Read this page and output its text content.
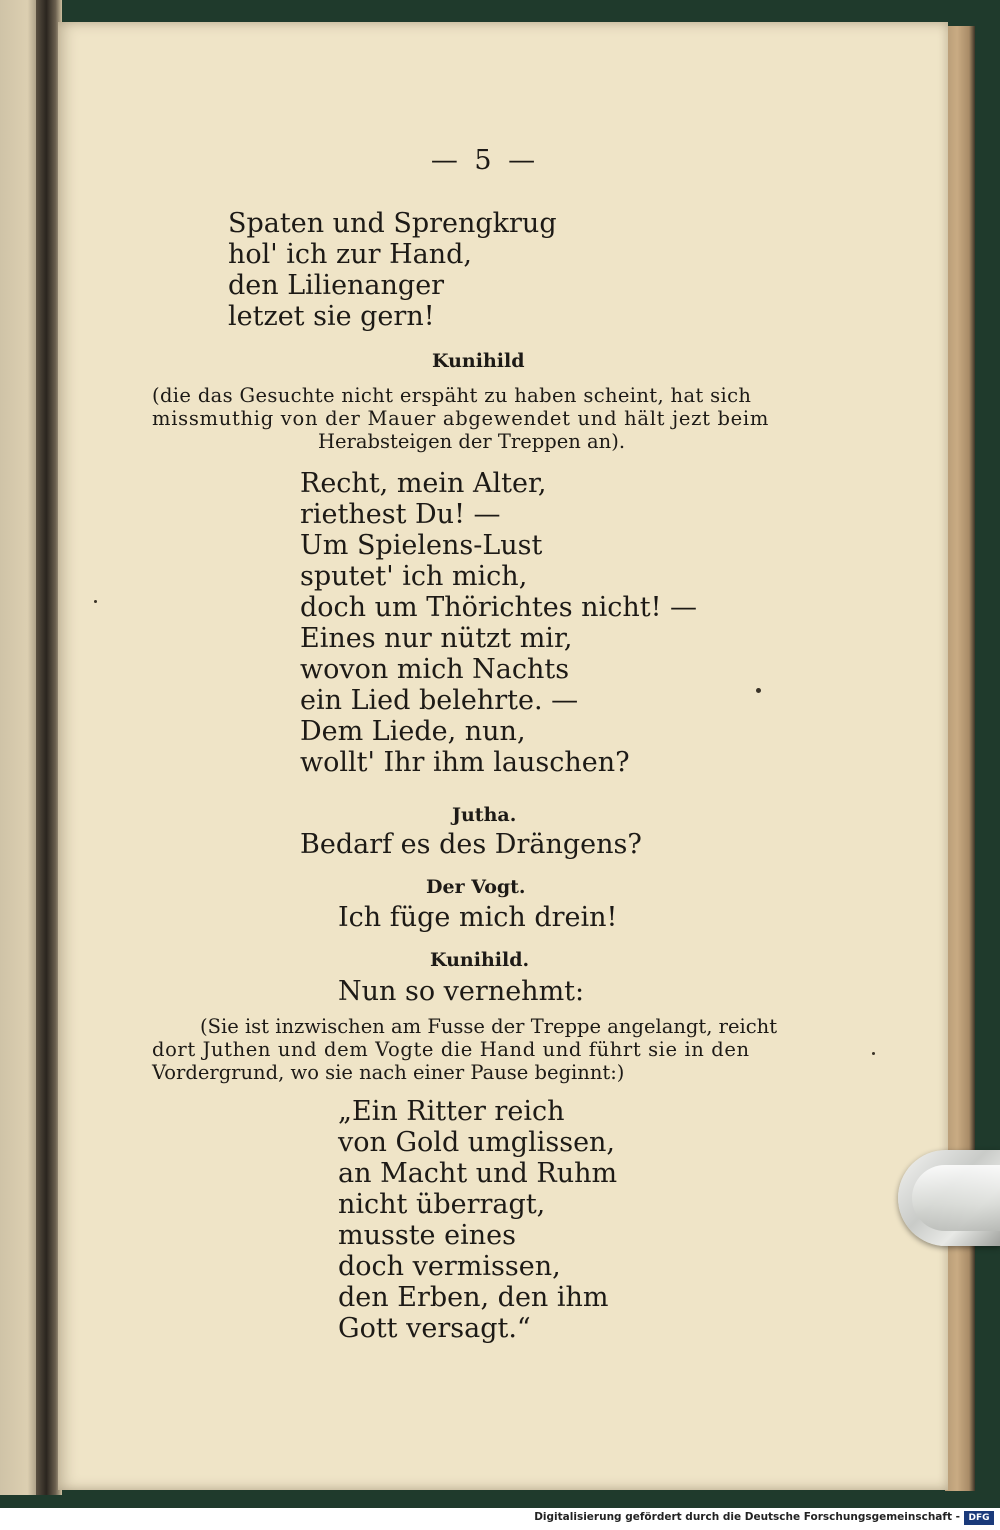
— 5 —
Spaten und Sprengkrug
hol' ich zur Hand,
den Lilienanger
letzet sie gern!
Kunihild
(die das Gesuchte nicht erspäht zu haben scheint, hat sich
missmuthig von der Mauer abgewendet und hält jezt beim
Herabsteigen der Treppen an).
Recht, mein Alter,
riethest Du! —
Um Spielens-Lust
sputet' ich mich,
doch um Thörichtes nicht! —
Eines nur nützt mir,
wovon mich Nachts
ein Lied belehrte. —
Dem Liede, nun,
wollt' Ihr ihm lauschen?
Jutha.
Bedarf es des Drängens?
Der Vogt.
Ich füge mich drein!
Kunihild.
Nun so vernehmt:
(Sie ist inzwischen am Fusse der Treppe angelangt, reicht
dort Juthen und dem Vogte die Hand und führt sie in den
Vordergrund, wo sie nach einer Pause beginnt:)
„Ein Ritter reich
von Gold umglissen,
an Macht und Ruhm
nicht überragt,
musste eines
doch vermissen,
den Erben, den ihm
Gott versagt.“
Digitalisierung gefördert durch die Deutsche Forschungsgemeinschaft - DFG
